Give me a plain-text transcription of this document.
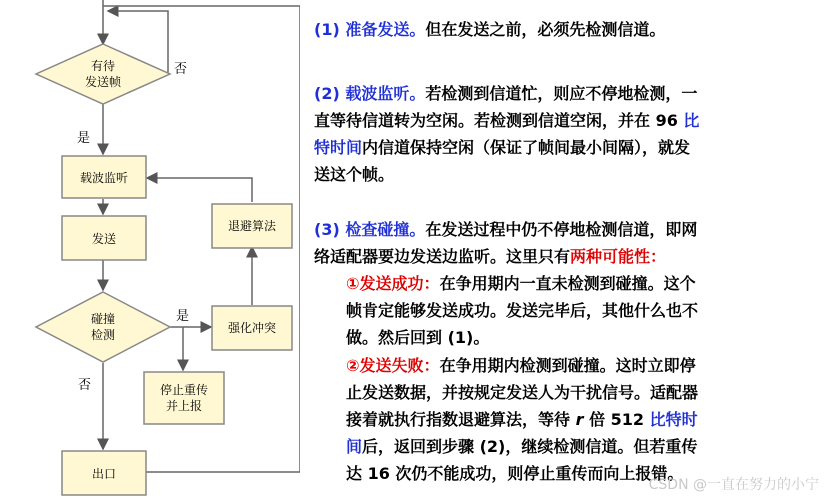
有待发送帧
否
是
载波监听
发送
碰撞检测
是
否
强化冲突
退避算法
停止重传并上报
出口
(1) 准备发送。但在发送之前，必须先检测信道。
(2) 载波监听。若检测到信道忙，则应不停地检测，一
直等待信道转为空闲。若检测到信道空闲，并在 96 比
特时间内信道保持空闲（保证了帧间最小间隔），就发
送这个帧。
(3) 检查碰撞。在发送过程中仍不停地检测信道，即网
络适配器要边发送边监听。这里只有两种可能性：
①发送成功：在争用期内一直未检测到碰撞。这个
帧肯定能够发送成功。发送完毕后，其他什么也不
做。然后回到 (1)。
②发送失败：在争用期内检测到碰撞。这时立即停
止发送数据，并按规定发送人为干扰信号。适配器
接着就执行指数退避算法，等待 r 倍 512 比特时
间后，返回到步骤 (2)，继续检测信道。但若重传
达 16 次仍不能成功，则停止重传而向上报错。
CSDN @一直在努力的小宁
